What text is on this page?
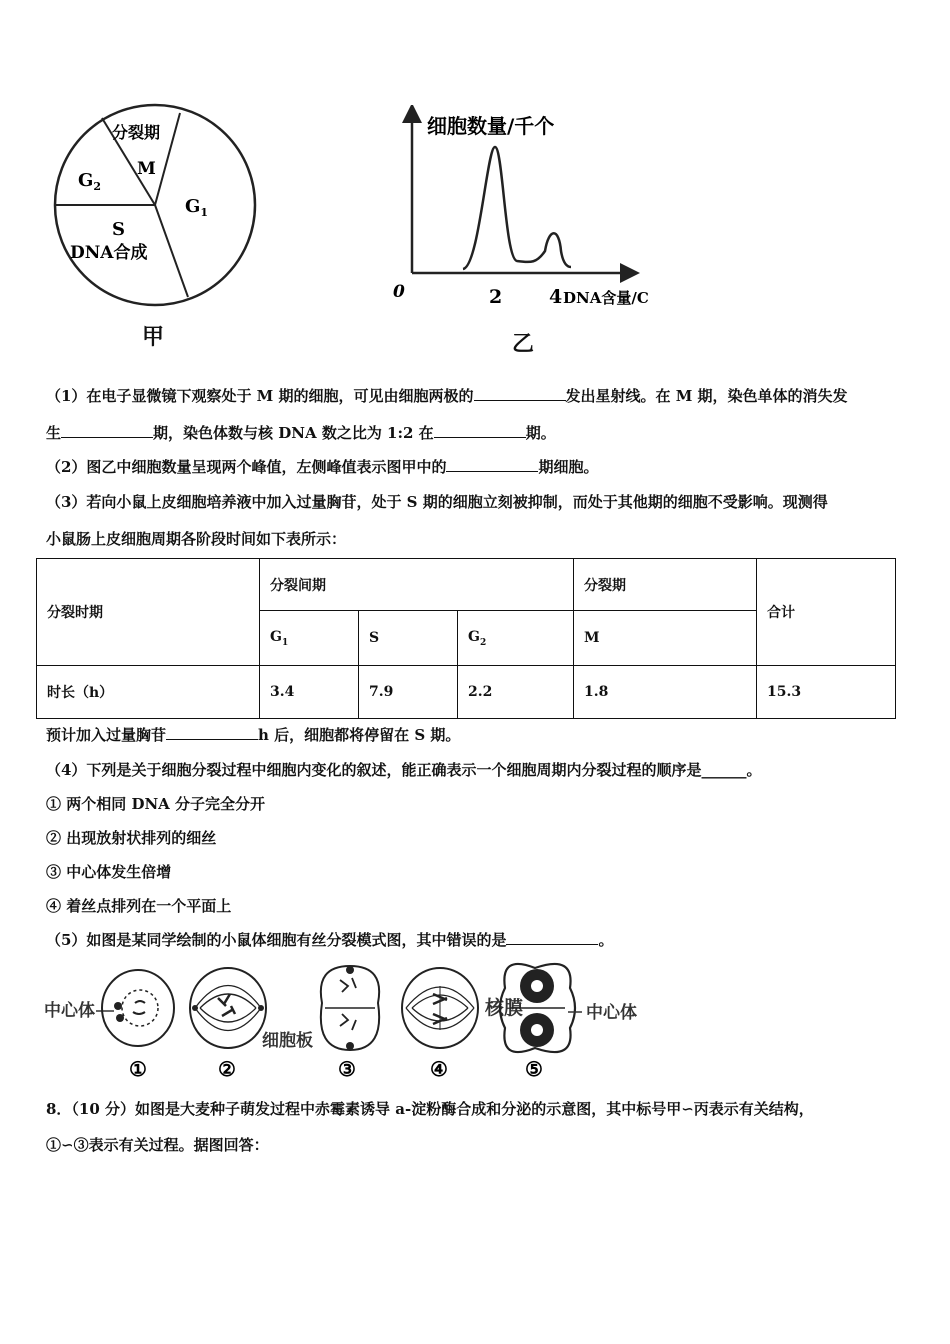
分裂期
M
$G_2$
$G_1$
S
DNA合成
甲
细胞数量/千个
0	2 4 DNA含量/C
乙
（1）在电子显微镜下观察处于 M 期的细胞，可见由细胞两极的	发出星射线。在 M 期，染色单体的消失发
生	期，染色体数与核 DNA 数之比为 1:2 在	期。
（2）图乙中细胞数量呈现两个峰值，左侧峰值表示图甲中的	期细胞。
（3）若向小鼠上皮细胞培养液中加入过量胸苷，处于 S 期的细胞立刻被抑制，而处于其他期的细胞不受影响。现测得
小鼠肠上皮细胞周期各阶段时间如下表所示：
分裂时期	分裂间期			分裂期	合计
	$G_1$	S	$G_2$	M	
时长（h）	3.4	7.9	2.2	1.8	15.3
预计加入过量胸苷	h 后，细胞都将停留在 S 期。
（4）下列是关于细胞分裂过程中细胞内变化的叙述，能正确表示一个细胞周期内分裂过程的顺序是______。
① 两个相同 DNA 分子完全分开
② 出现放射状排列的细丝
③ 中心体发生倍增
④ 着丝点排列在一个平面上
（5）如图是某同学绘制的小鼠体细胞有丝分裂模式图，其中错误的是	。
中心体
细胞板
核膜	中心体
①	②	③	④	⑤
8．（10 分）如图是大麦种子萌发过程中赤霉素诱导 a-淀粉酶合成和分泌的示意图，其中标号甲∽丙表示有关结构，
①∽③表示有关过程。据图回答：
